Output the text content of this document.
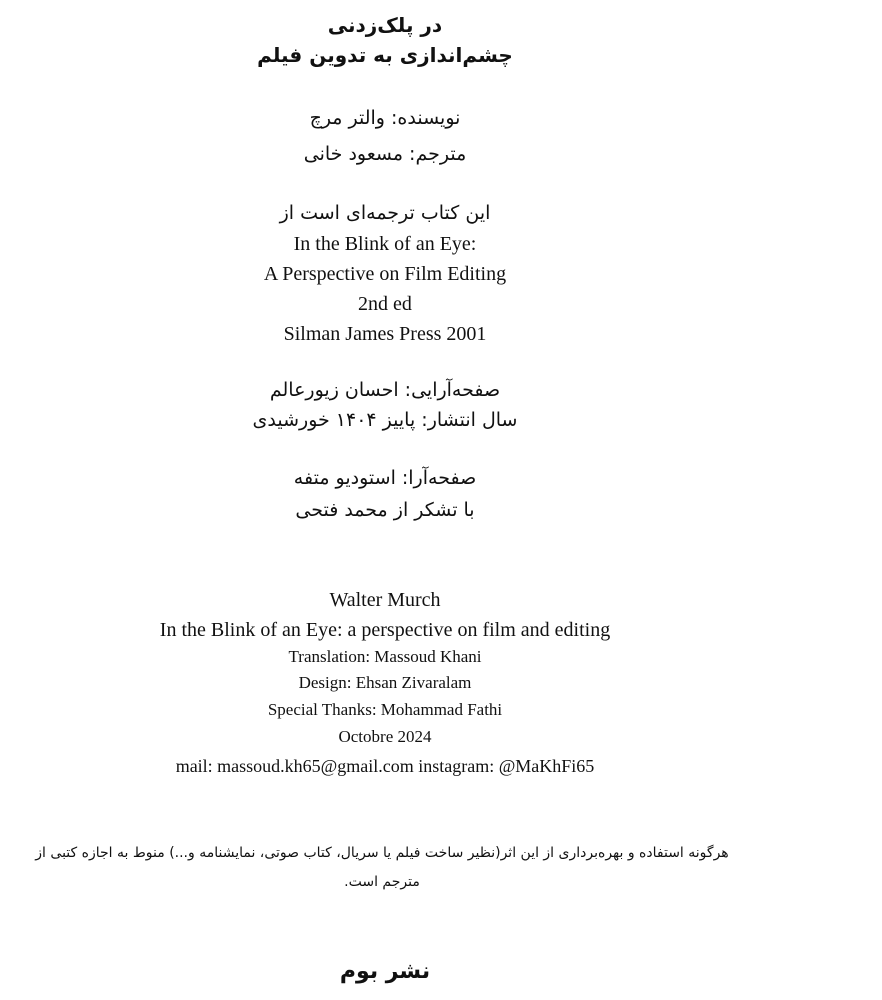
در پلک‌زدنی
چشم‌اندازی به تدوین فیلم
نویسنده: والتر مرچ
مترجم: مسعود خانی
این کتاب ترجمه‌ای است از
In the Blink of an Eye:
A Perspective on Film Editing
2nd ed
Silman James Press 2001
صفحه‌آرایی: احسان زیورعالم
سال انتشار: پاییز ۱۴۰۴ خورشیدی
صفحه‌آرا: استودیو متفه
با تشکر از محمد فتحی
Walter Murch
In the Blink of an Eye: a perspective on film and editing
Translation: Massoud Khani
Design: Ehsan Zivaralam
Special Thanks: Mohammad Fathi
Octobre 2024
mail: massoud.kh65@gmail.com instagram: @MaKhFi65
هرگونه استفاده و بهره‌برداری از این اثر(نظیر ساخت فیلم یا سریال، کتاب صوتی، نمایشنامه و...) منوط به اجازه کتبی از مترجم است.
نشر بوم
